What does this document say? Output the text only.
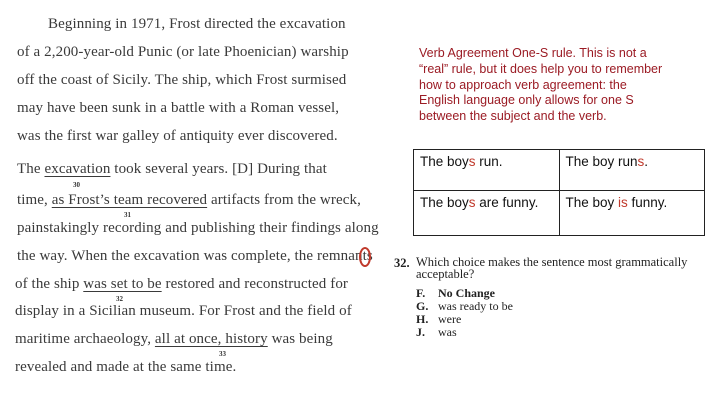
Beginning in 1971, Frost directed the excavation
of a 2,200-year-old Punic (or late Phoenician) warship
off the coast of Sicily. The ship, which Frost surmised
may have been sunk in a battle with a Roman vessel,
was the first war galley of antiquity ever discovered.
The excavation took several years. [D] During that
30
time, as Frost’s team recovered artifacts from the wreck,
31
painstakingly recording and publishing their findings along
the way. When the excavation was complete, the remnants
of the ship was set to be restored and reconstructed for
32
display in a Sicilian museum. For Frost and the field of
maritime archaeology, all at once, history was being
33
revealed and made at the same time.
Verb Agreement One-S rule. This is not a “real” rule, but it does help you to remember how to approach verb agreement: the English language only allows for one S between the subject and the verb.
The boys run.	The boy runs.
The boys are funny.	The boy is funny.
32. Which choice makes the sentence most grammatically acceptable?
F. No Change
G. was ready to be
H. were
J. was
